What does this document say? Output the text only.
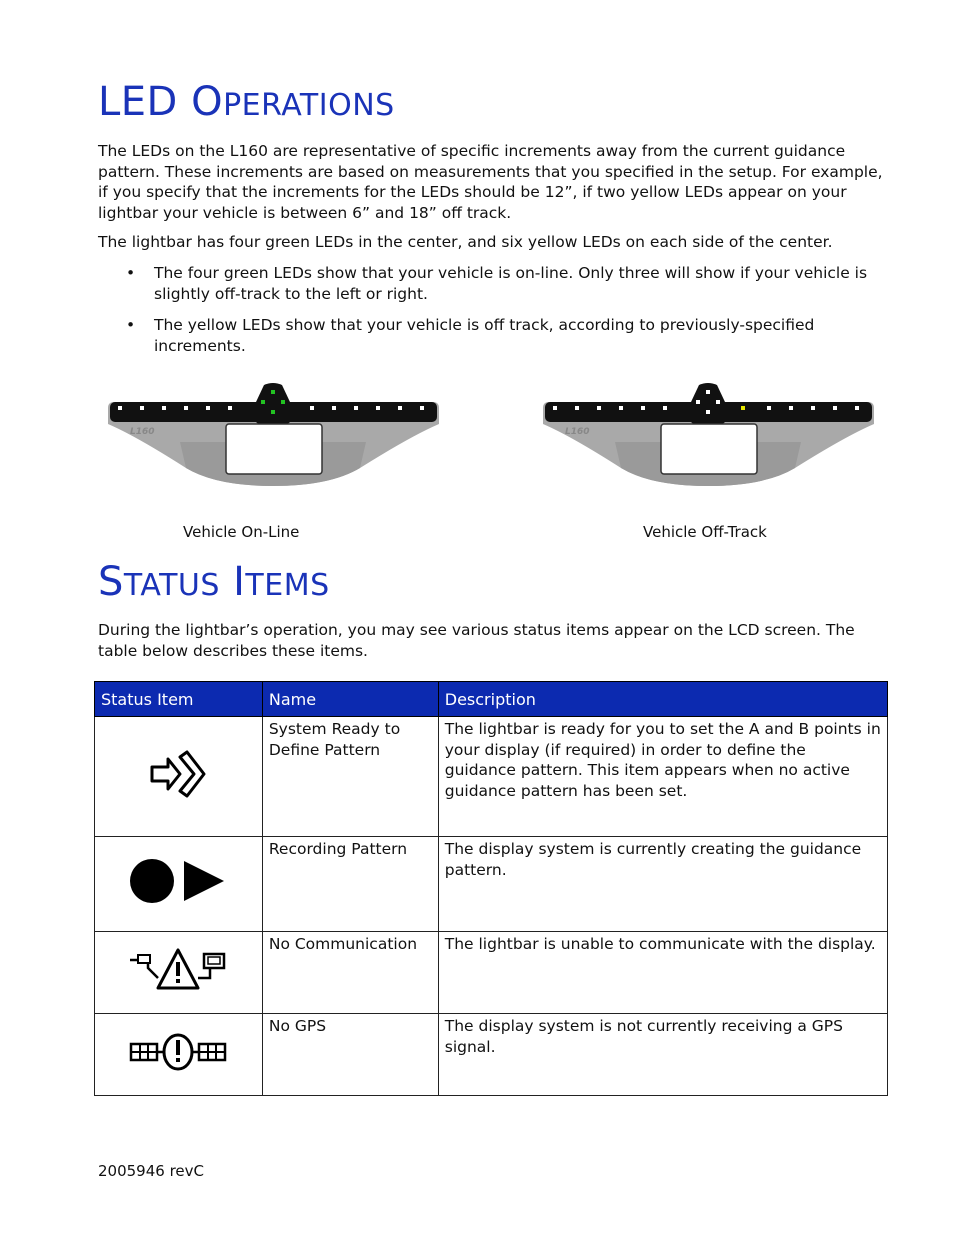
LED OPERATIONS

The LEDs on the L160 are representative of specific increments away from the current guidance pattern. These increments are based on measurements that you specified in the setup. For example, if you specify that the increments for the LEDs should be 12”, if two yellow LEDs appear on your lightbar your vehicle is between 6” and 18” off track.

The lightbar has four green LEDs in the center, and six yellow LEDs on each side of the center.

• The four green LEDs show that your vehicle is on-line. Only three will show if your vehicle is slightly off-track to the left or right.
• The yellow LEDs show that your vehicle is off track, according to previously-specified increments.
L160	L160
Vehicle On-Line	Vehicle Off-Track
STATUS ITEMS

During the lightbar’s operation, you may see various status items appear on the LCD screen. The table below describes these items.

Status Item	Name	Description
	System Ready to Define Pattern	The lightbar is ready for you to set the A and B points in your display (if required) in order to define the guidance pattern. This item appears when no active guidance pattern has been set.
	Recording Pattern	The display system is currently creating the guidance pattern.
	No Communication	The lightbar is unable to communicate with the display.
	No GPS	The display system is not currently receiving a GPS signal.
2005946 revC
